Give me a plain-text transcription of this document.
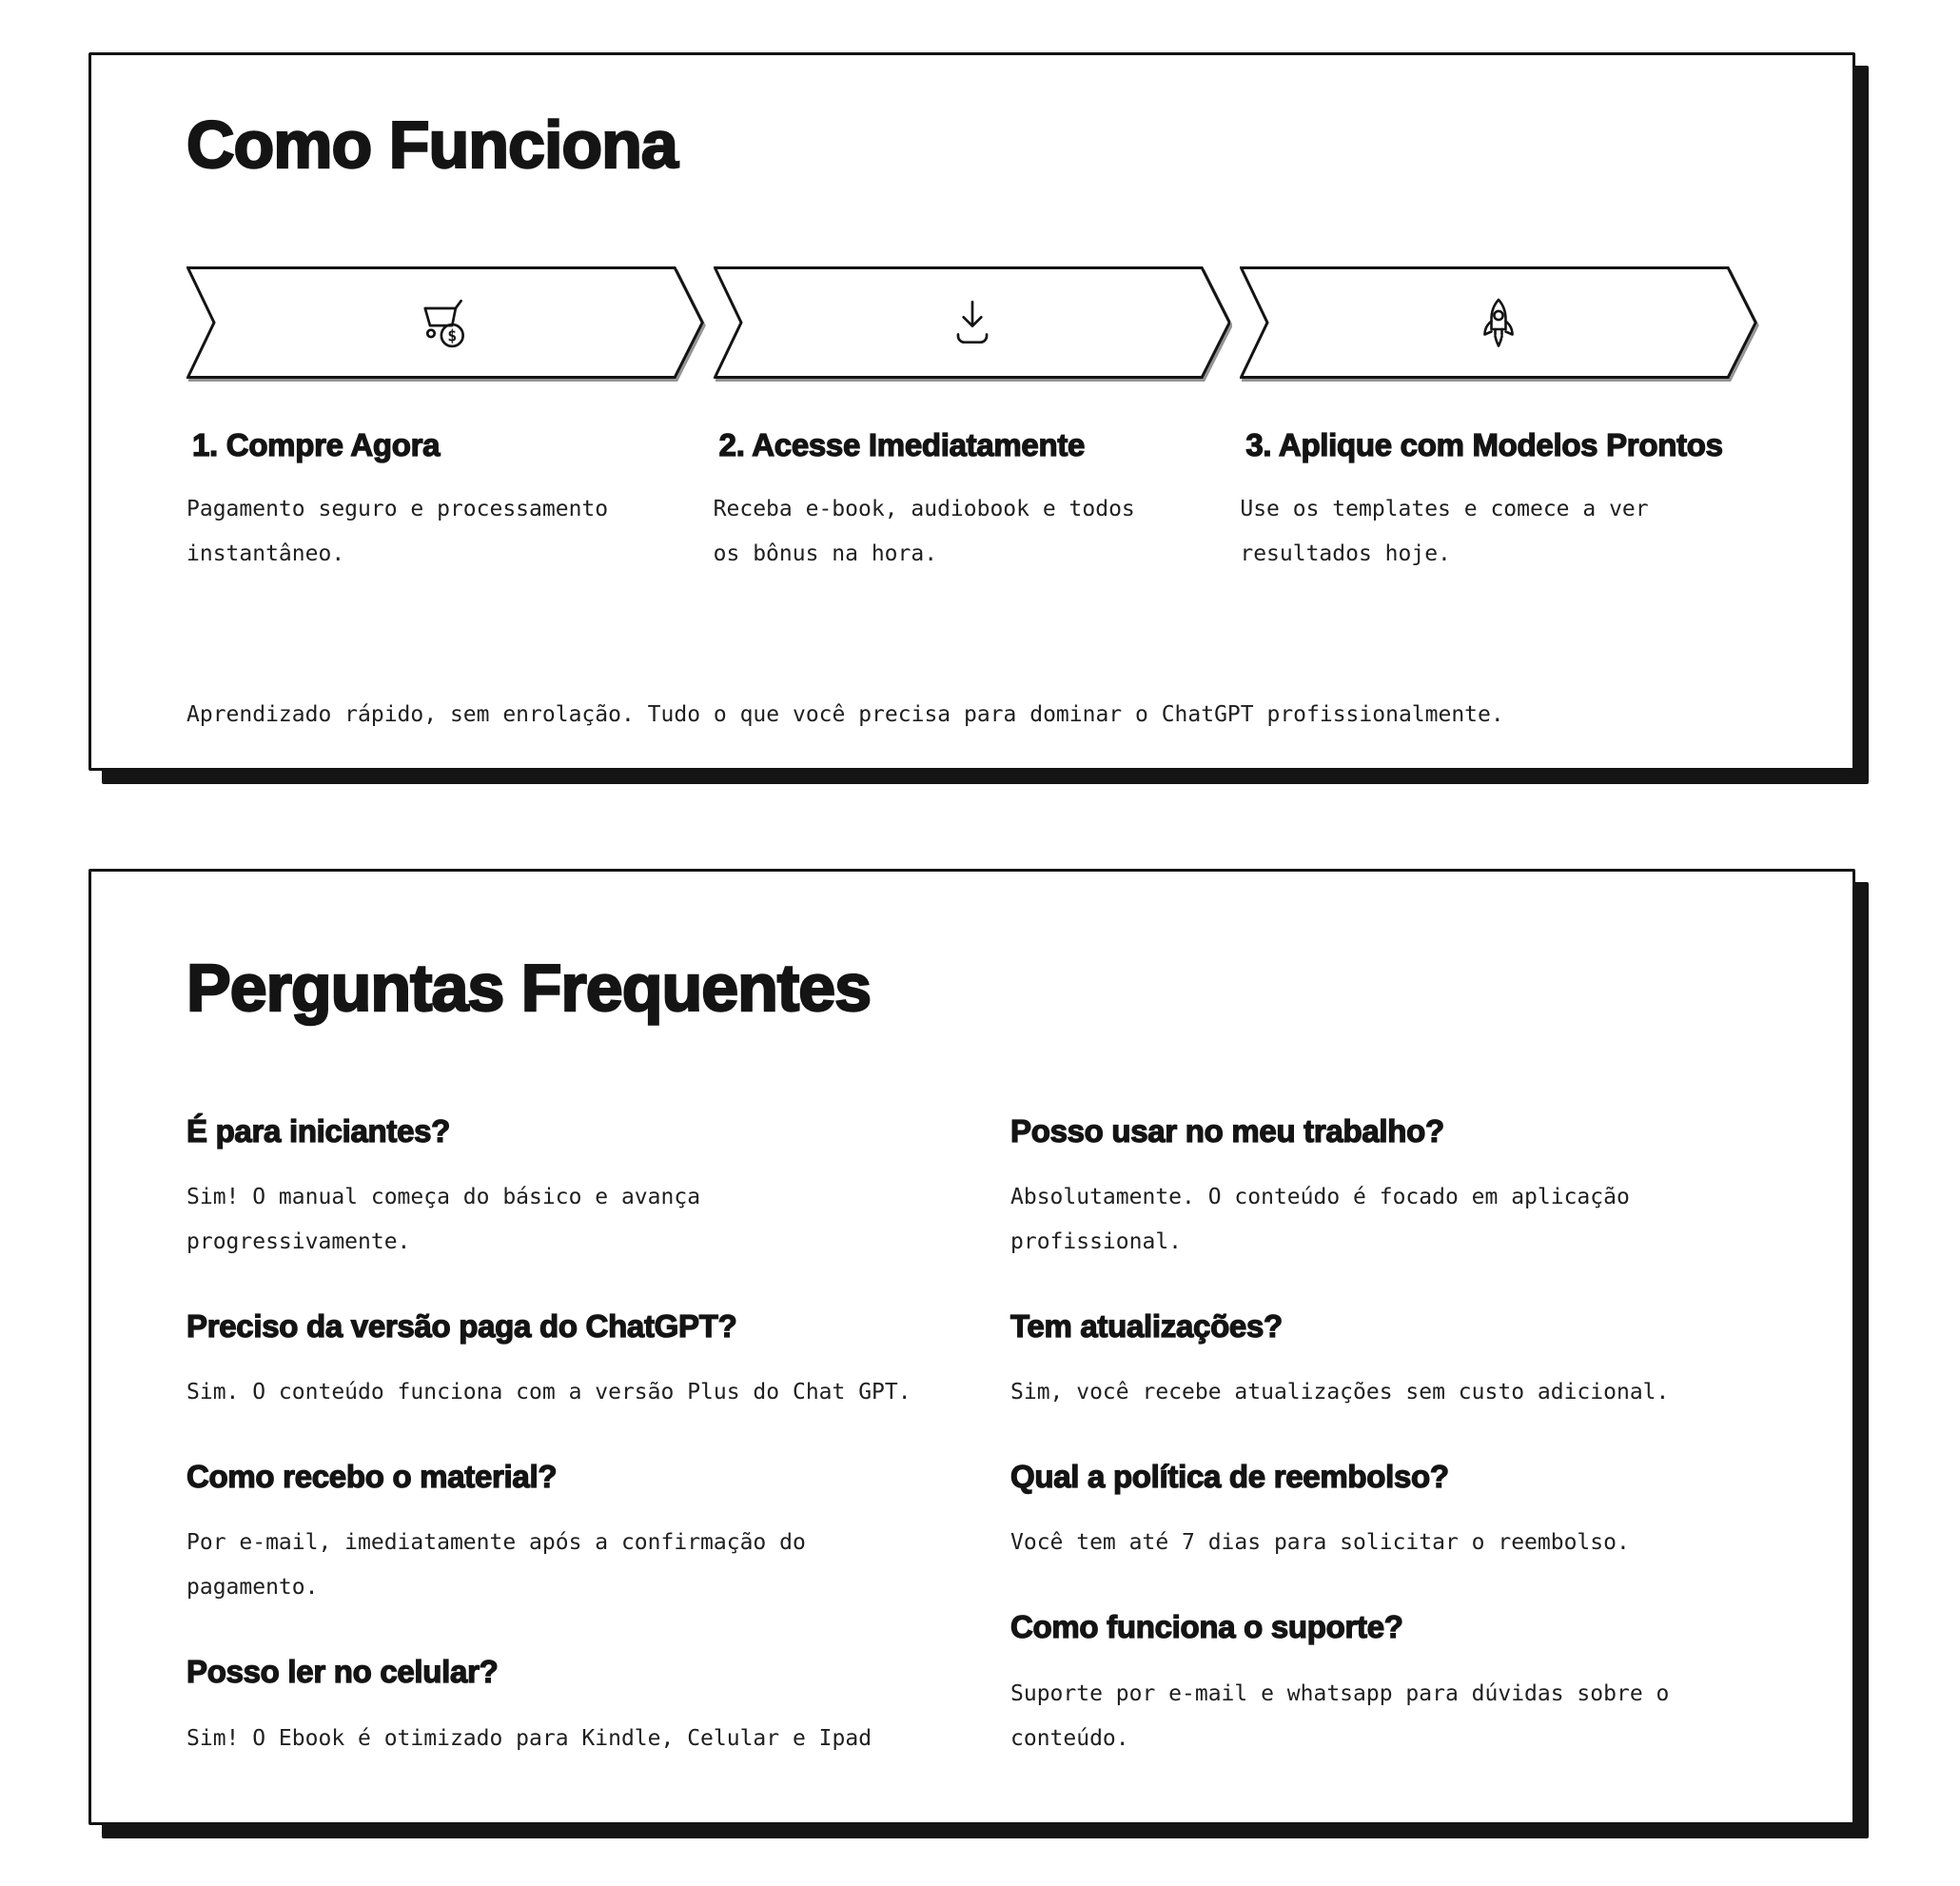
Como Funciona
$
1. Compre Agora

Pagamento seguro e processamento instantâneo.

2. Acesse Imediatamente

Receba e-book, audiobook e todos os bônus na hora.

3. Aplique com Modelos Prontos

Use os templates e comece a ver resultados hoje.

Aprendizado rápido, sem enrolação. Tudo o que você precisa para dominar o ChatGPT profissionalmente.

Perguntas Frequentes
É para iniciantes?

Sim! O manual começa do básico e avança progressivamente.

Preciso da versão paga do ChatGPT?

Sim. O conteúdo funciona com a versão Plus do Chat GPT.

Como recebo o material?

Por e-mail, imediatamente após a confirmação do pagamento.

Posso ler no celular?

Sim! O Ebook é otimizado para Kindle, Celular e Ipad

Posso usar no meu trabalho?

Absolutamente. O conteúdo é focado em aplicação profissional.

Tem atualizações?

Sim, você recebe atualizações sem custo adicional.

Qual a política de reembolso?

Você tem até 7 dias para solicitar o reembolso.

Como funciona o suporte?

Suporte por e-mail e whatsapp para dúvidas sobre o conteúdo.
